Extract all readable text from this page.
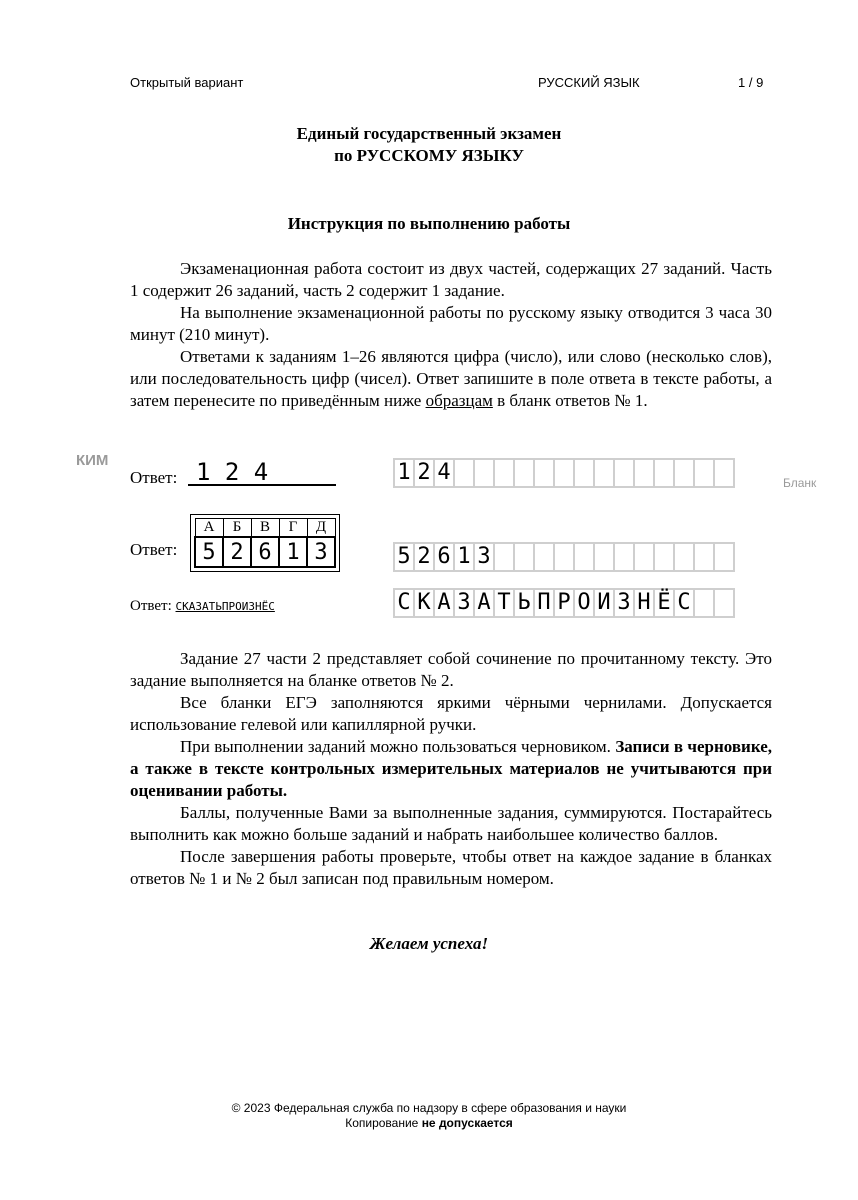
Открытый вариант	РУССКИЙ ЯЗЫК	1 / 9
Единый государственный экзамен
по РУССКОМУ ЯЗЫКУ
Инструкция по выполнению работы

Экзаменационная работа состоит из двух частей, содержащих 27 заданий. Часть 1 содержит 26 заданий, часть 2 содержит 1 задание.

На выполнение экзаменационной работы по русскому языку отводится 3 часа 30 минут (210 минут).

Ответами к заданиям 1–26 являются цифра (число), или слово (несколько слов), или последовательность цифр (чисел). Ответ запишите в поле ответа в тексте работы, а затем перенесите по приведённым ниже образцам в бланк ответов № 1.

КИМ
Бланк
Ответ: 1 2 4	1 2 4
Ответ:
А	Б	В	Г	Д
5	2	6	1	3	5 2 6 1 3
Ответ: СКАЗАТЬПРОИЗНЁС	С К А З А Т Ь П Р О И З Н Ё С

Задание 27 части 2 представляет собой сочинение по прочитанному тексту. Это задание выполняется на бланке ответов № 2.

Все бланки ЕГЭ заполняются яркими чёрными чернилами. Допускается использование гелевой или капиллярной ручки.

При выполнении заданий можно пользоваться черновиком. Записи в черновике, а также в тексте контрольных измерительных материалов не учитываются при оценивании работы.

Баллы, полученные Вами за выполненные задания, суммируются. Постарайтесь выполнить как можно больше заданий и набрать наибольшее количество баллов.

После завершения работы проверьте, чтобы ответ на каждое задание в бланках ответов № 1 и № 2 был записан под правильным номером.

Желаем успеха!
© 2023 Федеральная служба по надзору в сфере образования и науки
Копирование не допускается
